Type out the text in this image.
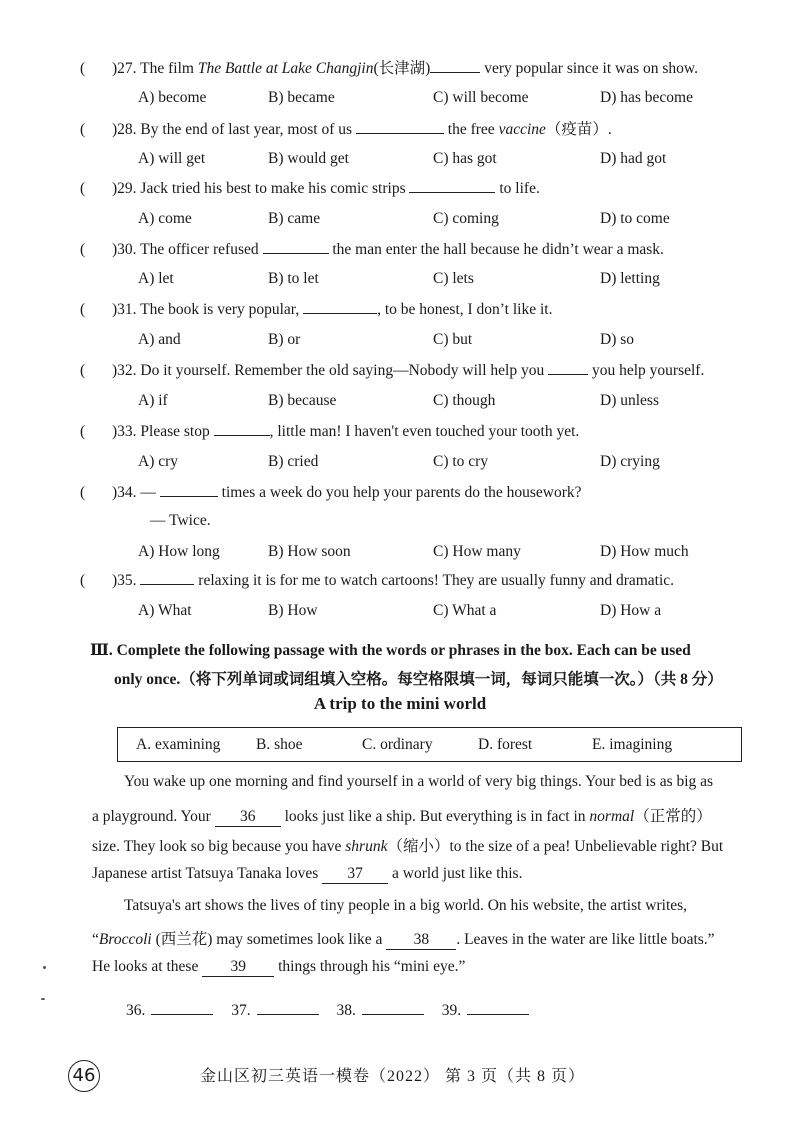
( )27. The film The Battle at Lake Changjin(长津湖)	very popular since it was on show.
A) become	B) became	C) will become	D) has become
( )28. By the end of last year, most of us	the free vaccine（疫苗）.
A) will get	B) would get	C) has got	D) had got
( )29. Jack tried his best to make his comic strips	to life.
A) come	B) came	C) coming	D) to come
( )30. The officer refused	the man enter the hall because he didn’t wear a mask.
A) let	B) to let	C) lets	D) letting
( )31. The book is very popular,	, to be honest, I don’t like it.
A) and	B) or	C) but	D) so
( )32. Do it yourself. Remember the old saying—Nobody will help you	you help yourself.
A) if	B) because	C) though	D) unless
( )33. Please stop	, little man! I haven't even touched your tooth yet.
A) cry	B) cried	C) to cry	D) crying
( )34. —	times a week do you help your parents do the housework?
A) How long	B) How soon	C) How many	D) How much
— Twice.
( )35.	relaxing it is for me to watch cartoons! They are usually funny and dramatic.
A) What	B) How	C) What a	D) How a
Ⅲ. Complete the following passage with the words or phrases in the box. Each can be used
only once.（将下列单词或词组填入空格。每空格限填一词，每词只能填一次。）（共 8 分）
A trip to the mini world
A. examining B. shoe	C. ordinary	D. forest	E. imagining
You wake up one morning and find yourself in a world of very big things. Your bed is as big as
a playground. Your 36 looks just like a ship. But everything is in fact in normal（正常的）
size. They look so big because you have shrunk（缩小）to the size of a pea! Unbelievable right? But
Japanese artist Tatsuya Tanaka loves 37 a world just like this.
Tatsuya's art shows the lives of tiny people in a big world. On his website, the artist writes,
“Broccoli (西兰花) may sometimes look like a 38 . Leaves in the water are like little boats.”
He looks at these 39 things through his “mini eye.”
36.	37.	38.	39.
46	金山区初三英语一模卷（2022） 第 3 页（共 8 页）
